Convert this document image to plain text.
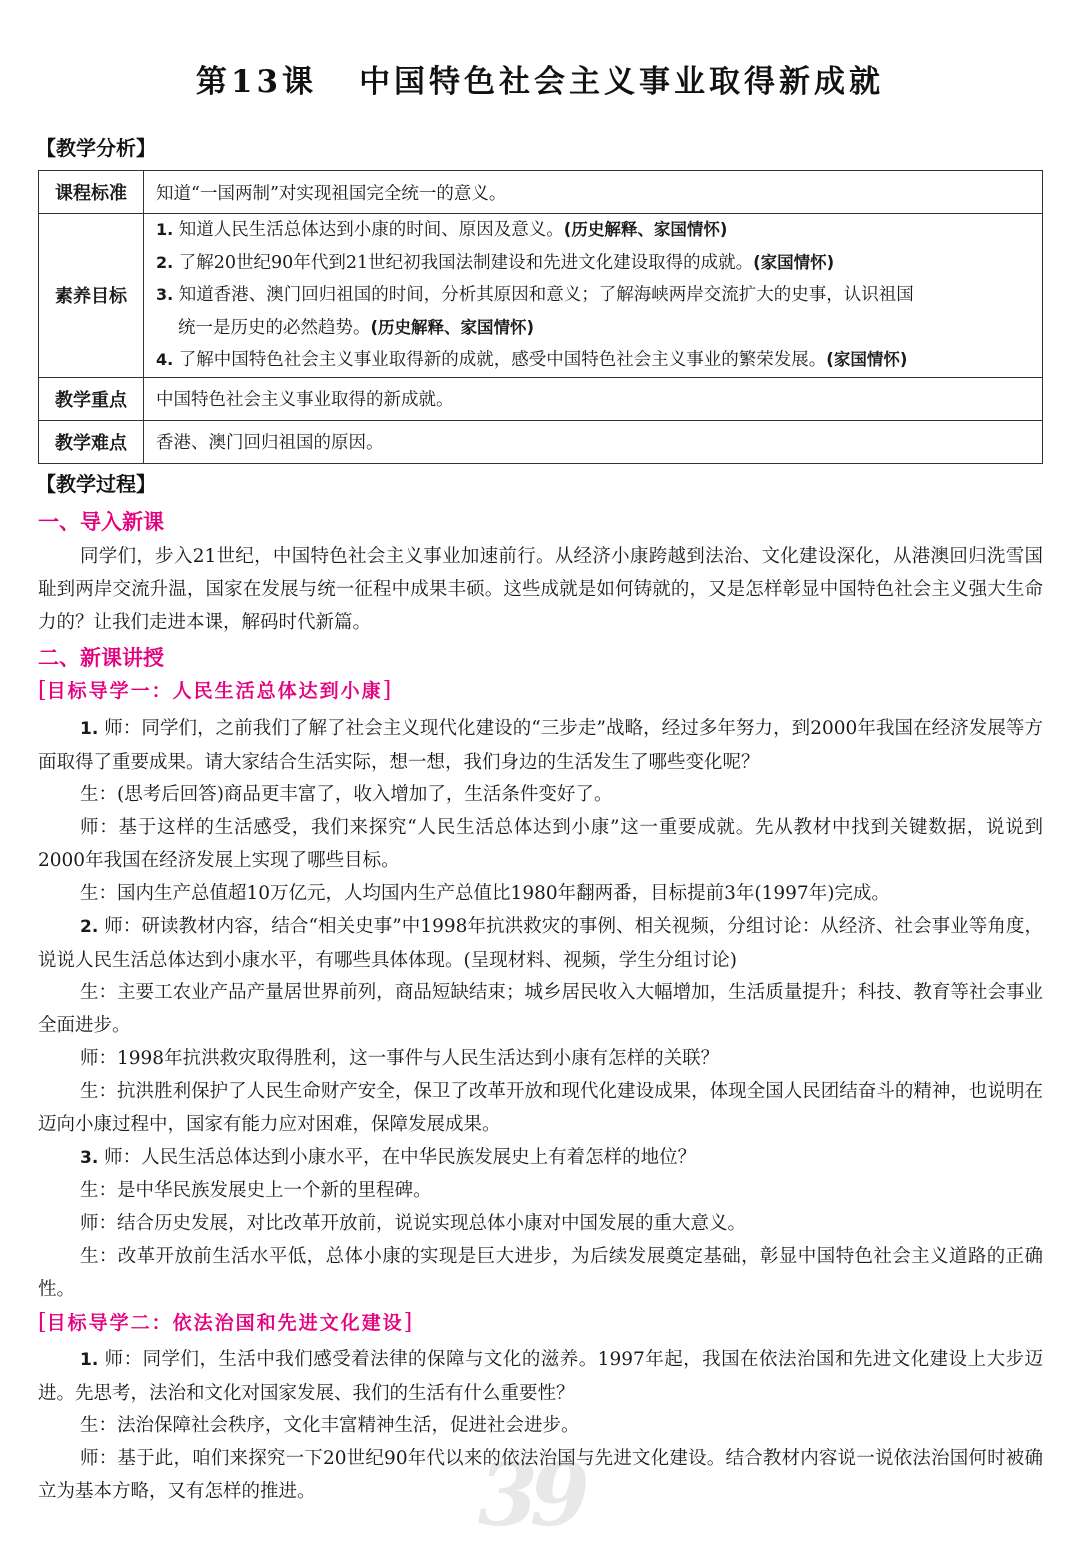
第13课 中国特色社会主义事业取得新成就
【教学分析】
课程标准	知道“一国两制”对实现祖国完全统一的意义。
素养目标	1. 知道人民生活总体达到小康的时间、原因及意义。(历史解释、家国情怀)
2. 了解20世纪90年代到21世纪初我国法制建设和先进文化建设取得的成就。(家国情怀)
3. 知道香港、澳门回归祖国的时间，分析其原因和意义；了解海峡两岸交流扩大的史事，认识祖国
统一是历史的必然趋势。(历史解释、家国情怀)
4. 了解中国特色社会主义事业取得新的成就，感受中国特色社会主义事业的繁荣发展。(家国情怀)

教学重点	中国特色社会主义事业取得的新成就。
教学难点	香港、澳门回归祖国的原因。
【教学过程】
一、导入新课
同学们，步入21世纪，中国特色社会主义事业加速前行。从经济小康跨越到法治、文化建设深化，从港澳回归洗雪国耻到两岸交流升温，国家在发展与统一征程中成果丰硕。这些成就是如何铸就的，又是怎样彰显中国特色社会主义强大生命力的？让我们走进本课，解码时代新篇。
二、新课讲授
[目标导学一：人民生活总体达到小康]
1. 师：同学们，之前我们了解了社会主义现代化建设的“三步走”战略，经过多年努力，到2000年我国在经济发展等方面取得了重要成果。请大家结合生活实际，想一想，我们身边的生活发生了哪些变化呢？
生：(思考后回答)商品更丰富了，收入增加了，生活条件变好了。
师：基于这样的生活感受，我们来探究“人民生活总体达到小康”这一重要成就。先从教材中找到关键数据，说说到2000年我国在经济发展上实现了哪些目标。
生：国内生产总值超10万亿元，人均国内生产总值比1980年翻两番，目标提前3年(1997年)完成。
2. 师：研读教材内容，结合“相关史事”中1998年抗洪救灾的事例、相关视频，分组讨论：从经济、社会事业等角度，说说人民生活总体达到小康水平，有哪些具体体现。(呈现材料、视频，学生分组讨论)
生：主要工农业产品产量居世界前列，商品短缺结束；城乡居民收入大幅增加，生活质量提升；科技、教育等社会事业全面进步。
师：1998年抗洪救灾取得胜利，这一事件与人民生活达到小康有怎样的关联？
生：抗洪胜利保护了人民生命财产安全，保卫了改革开放和现代化建设成果，体现全国人民团结奋斗的精神，也说明在迈向小康过程中，国家有能力应对困难，保障发展成果。
3. 师：人民生活总体达到小康水平，在中华民族发展史上有着怎样的地位？
生：是中华民族发展史上一个新的里程碑。
师：结合历史发展，对比改革开放前，说说实现总体小康对中国发展的重大意义。
生：改革开放前生活水平低，总体小康的实现是巨大进步，为后续发展奠定基础，彰显中国特色社会主义道路的正确性。
[目标导学二：依法治国和先进文化建设]
39
1. 师：同学们，生活中我们感受着法律的保障与文化的滋养。1997年起，我国在依法治国和先进文化建设上大步迈进。先思考，法治和文化对国家发展、我们的生活有什么重要性？
生：法治保障社会秩序，文化丰富精神生活，促进社会进步。
师：基于此，咱们来探究一下20世纪90年代以来的依法治国与先进文化建设。结合教材内容说一说依法治国何时被确立为基本方略，又有怎样的推进。
